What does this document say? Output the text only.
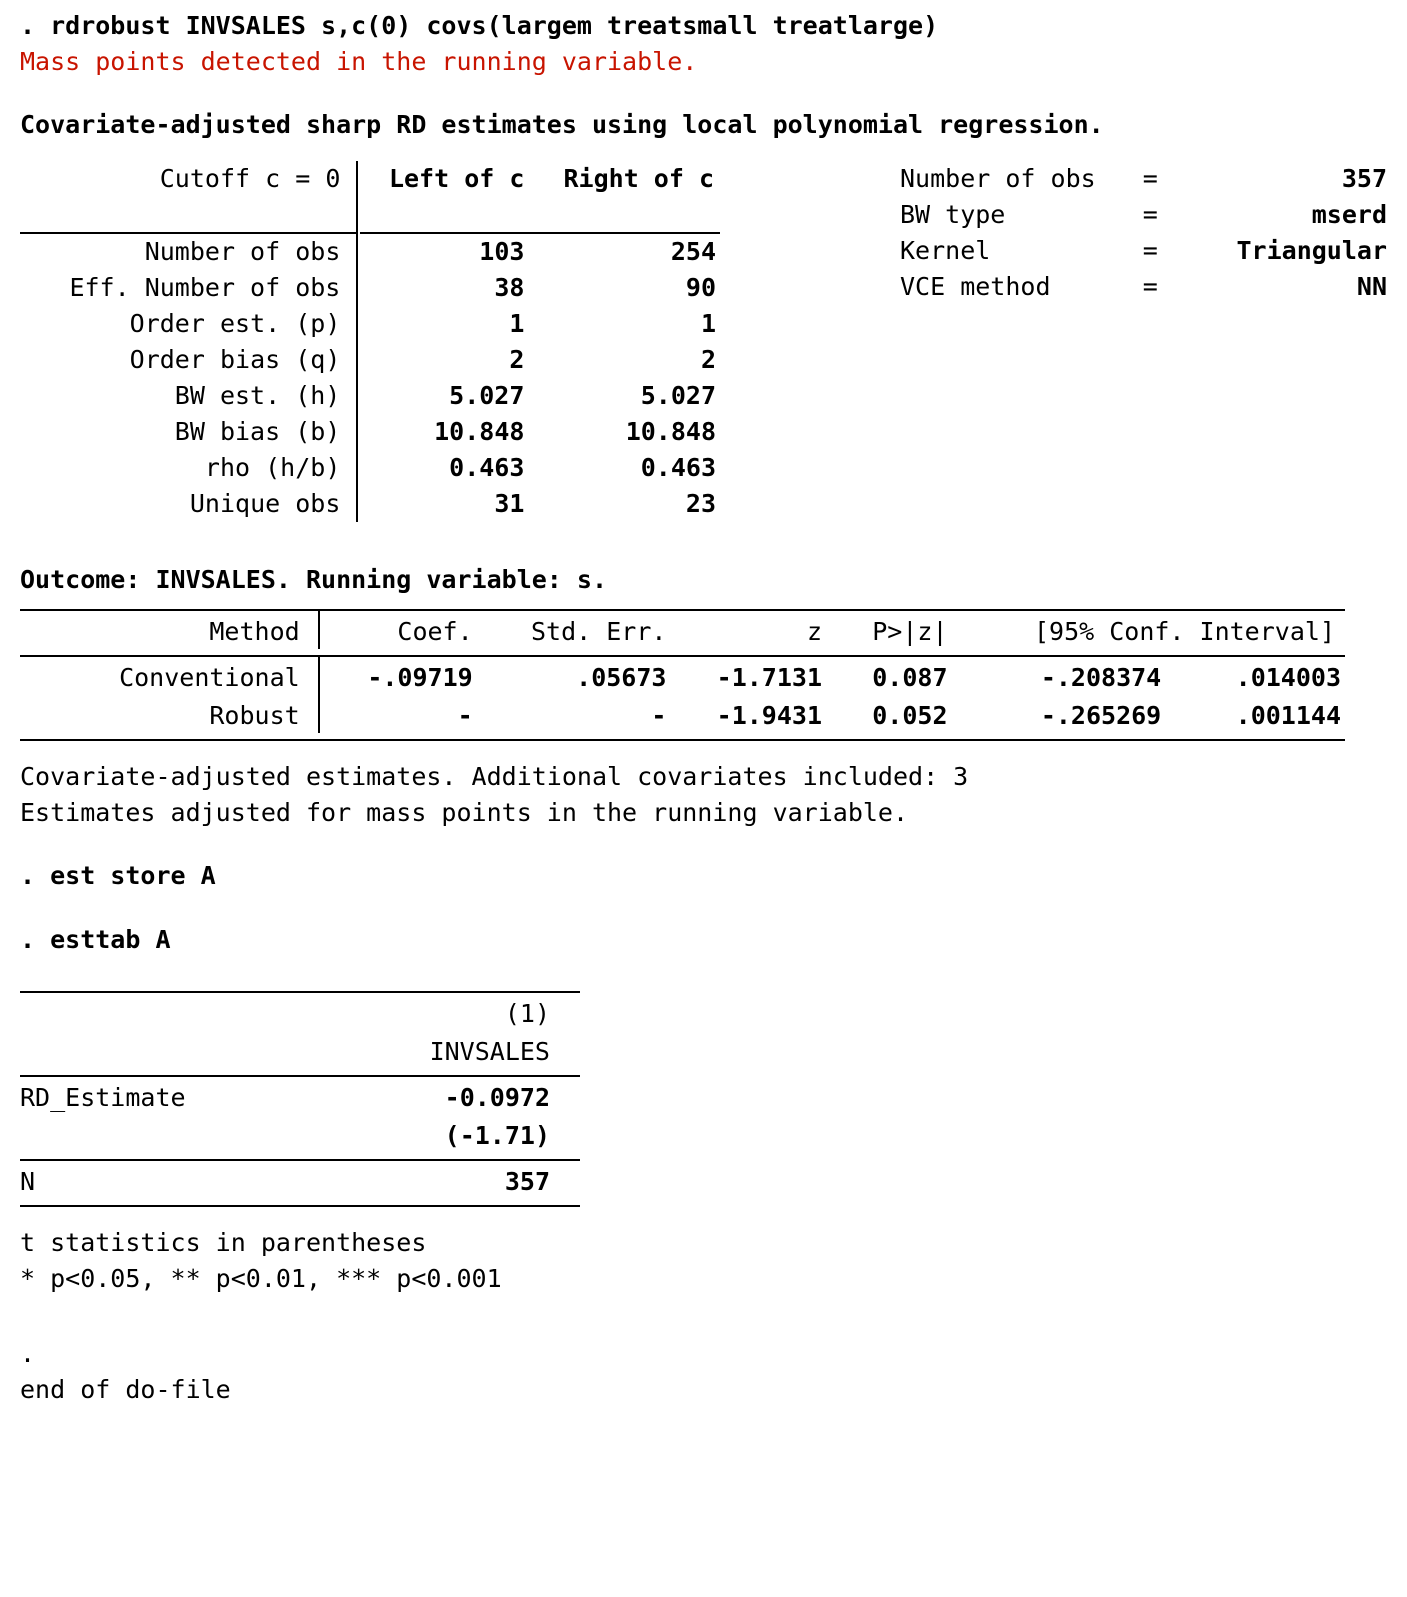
. rdrobust INVSALES s,c(0) covs(largem treatsmall treatlarge)
Mass points detected in the running variable.
Covariate-adjusted sharp RD estimates using local polynomial regression.
Cutoff c = 0		Left of c	Right of c

Number of obs		103	254
Eff. Number of obs		38	90
Order est. (p)		1	1
Order bias (q)		2	2
BW est. (h)		5.027	5.027
BW bias (b)		10.848	10.848
rho (h/b)		0.463	0.463
Unique obs		31	23
Number of obs	=	357
BW type	=	mserd
Kernel	=	Triangular
VCE method	=	NN
Outcome: INVSALES. Running variable: s.

Method		Coef.	Std. Err.	z	P>|z|	[95% Conf. Interval]	

Conventional		-.09719	.05673	-1.7131	0.087	-.208374	.014003
Robust		-	-	-1.9431	0.052	-.265269	.001144

Covariate-adjusted estimates. Additional covariates included: 3
Estimates adjusted for mass points in the running variable.
. est store A
. esttab A

	(1)
	INVSALES

RD_Estimate	-0.0972
	(-1.71)

N	357

t statistics in parentheses
* p<0.05, ** p<0.01, *** p<0.001
.
end of do-file
